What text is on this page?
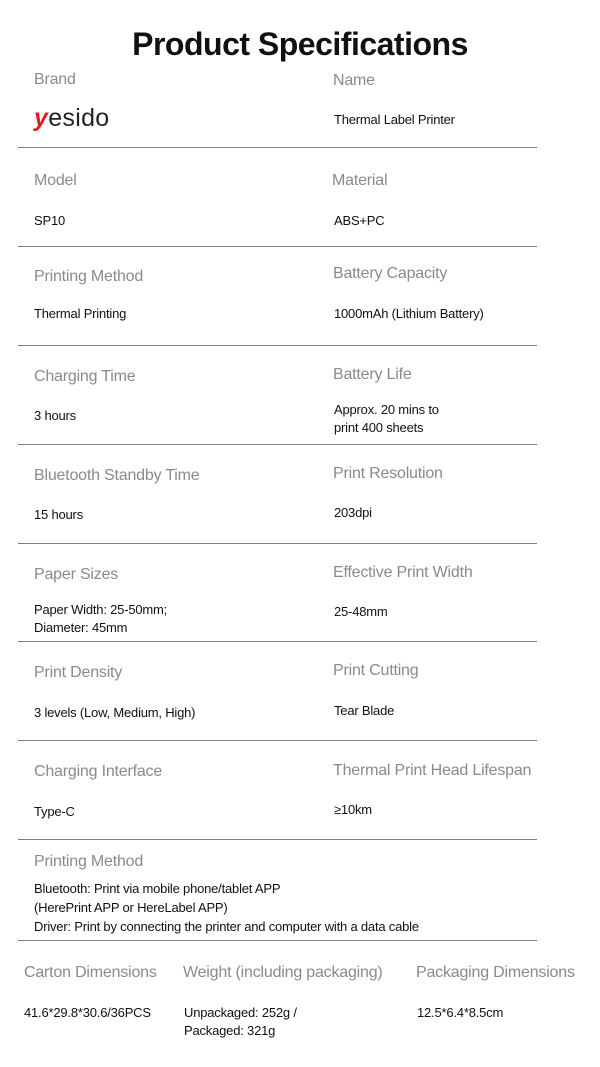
Product Specifications
Brand
yesido
Name
Thermal Label Printer
Model
SP10
Material
ABS+PC
Printing Method
Thermal Printing
Battery Capacity
1000mAh (Lithium Battery)
Charging Time
3 hours
Battery Life
Approx. 20 mins to
print 400 sheets
Bluetooth Standby Time
15 hours
Print Resolution
203dpi
Paper Sizes
Paper Width: 25-50mm;
Diameter: 45mm
Effective Print Width
25-48mm
Print Density
3 levels (Low, Medium, High)
Print Cutting
Tear Blade
Charging Interface
Type-C
Thermal Print Head Lifespan
≥10km
Printing Method
Bluetooth: Print via mobile phone/tablet APP
(HerePrint APP or HereLabel APP)
Driver: Print by connecting the printer and computer with a data cable
Carton Dimensions
41.6*29.8*30.6/36PCS
Weight (including packaging)
Unpackaged: 252g /
Packaged: 321g
Packaging Dimensions
12.5*6.4*8.5cm
